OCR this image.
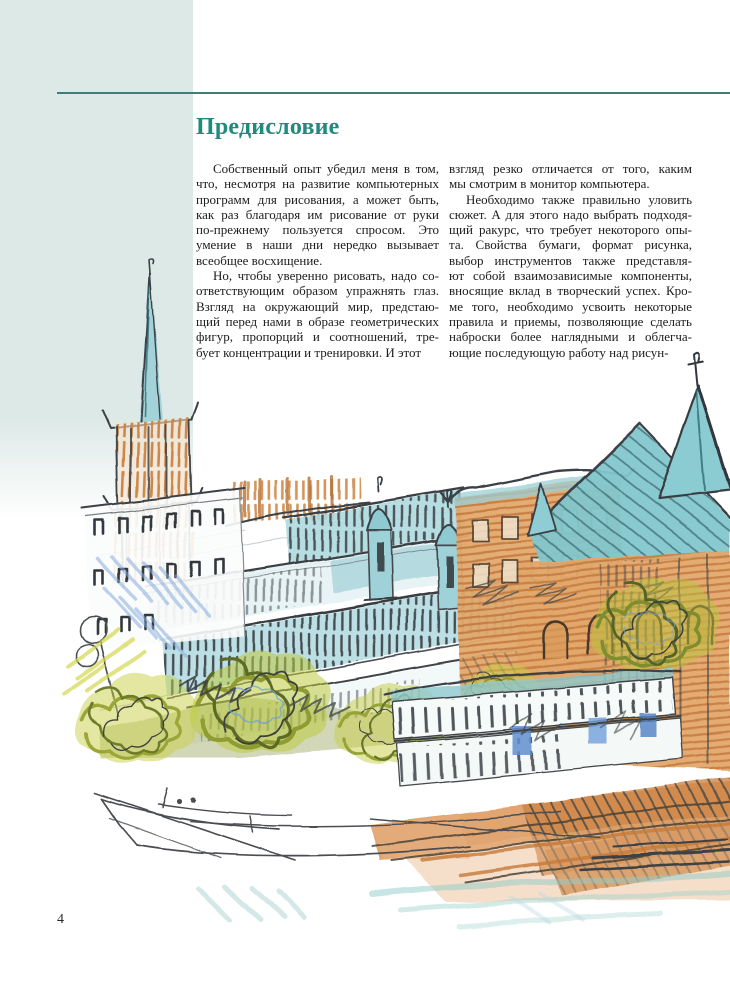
Предисловие
Собственный опыт убедил меня в том,
что, несмотря на развитие компьютерных
программ для рисования, а может быть,
как раз благодаря им рисование от руки
по-прежнему пользуется спросом. Это
умение в наши дни нередко вызывает
всеобщее восхищение.
Но, чтобы уверенно рисовать, надо со-
ответствующим образом упражнять глаз.
Взгляд на окружающий мир, предстаю-
щий перед нами в образе геометрических
фигур, пропорций и соотношений, тре-
бует концентрации и тренировки. И этот
взгляд резко отличается от того, каким
мы смотрим в монитор компьютера.
Необходимо также правильно уловить
сюжет. А для этого надо выбрать подходя-
щий ракурс, что требует некоторого опы-
та. Свойства бумаги, формат рисунка,
выбор инструментов также представля-
ют собой взаимозависимые компоненты,
вносящие вклад в творческий успех. Кро-
ме того, необходимо усвоить некоторые
правила и приемы, позволяющие сделать
наброски более наглядными и облегча-
ющие последующую работу над рисун-
4
